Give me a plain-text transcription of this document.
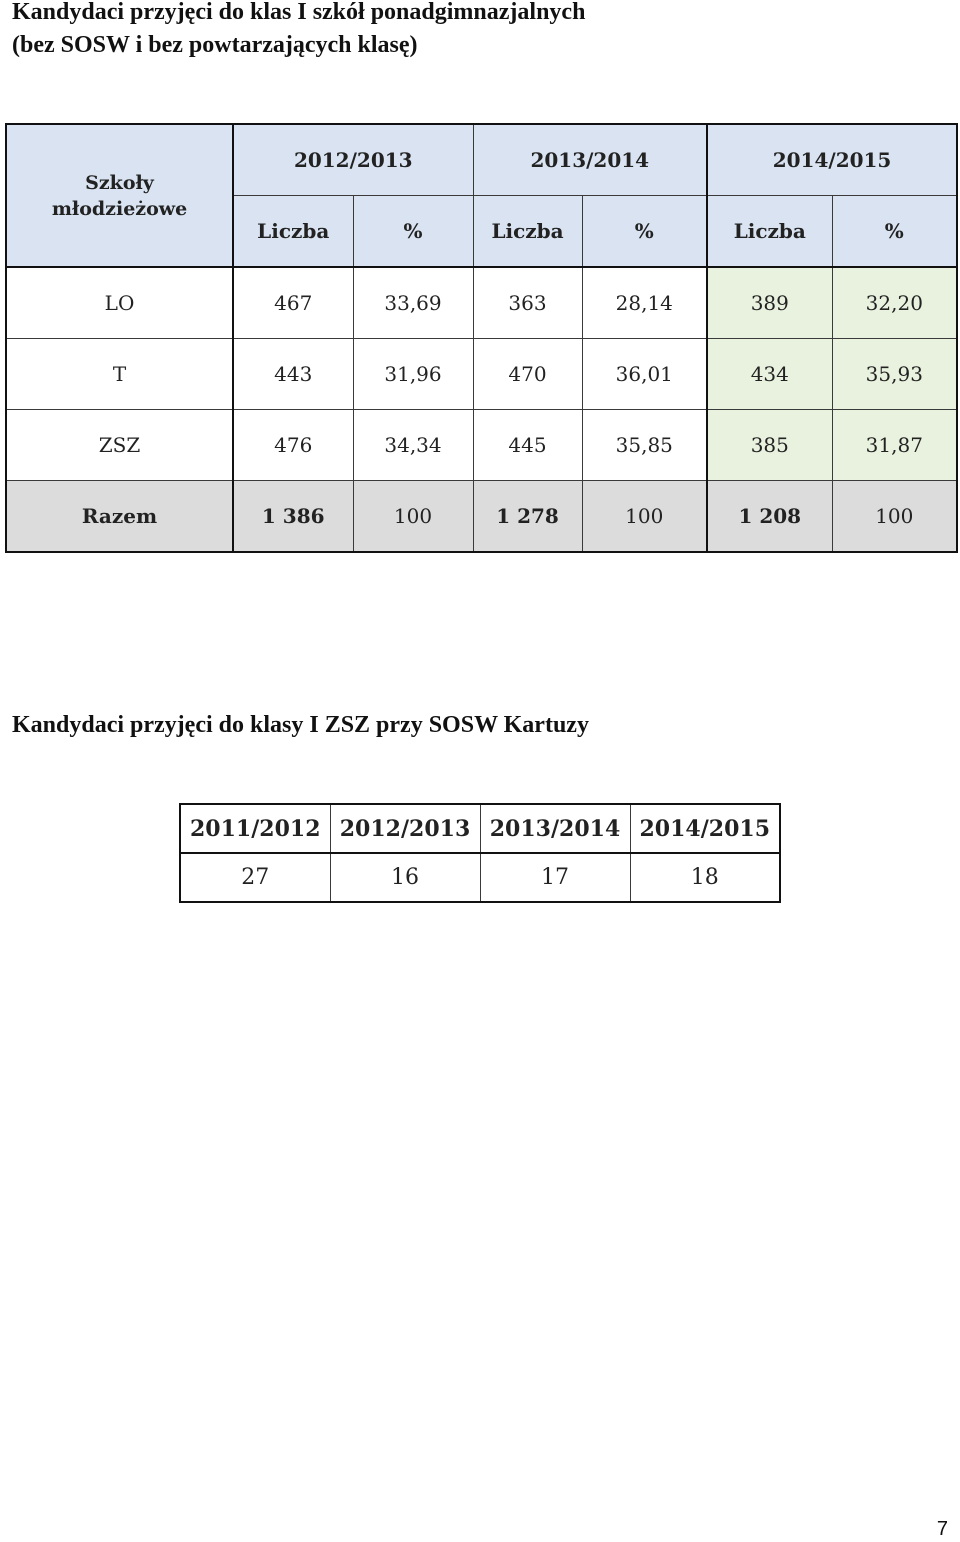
Kandydaci przyjęci do klas I szkół ponadgimnazjalnych
(bez SOSW i bez powtarzających klasę)
Szkoły
młodzieżowe	2012/2013		2013/2014		2014/2015	
	Liczba	%	Liczba	%	Liczba	%
LO	467	33,69	363	28,14	389	32,20
T	443	31,96	470	36,01	434	35,93
ZSZ	476	34,34	445	35,85	385	31,87
Razem	1 386	100	1 278	100	1 208	100
Kandydaci przyjęci do klasy I ZSZ przy SOSW Kartuzy
2011/2012	2012/2013	2013/2014	2014/2015
27	16	17	18
7
